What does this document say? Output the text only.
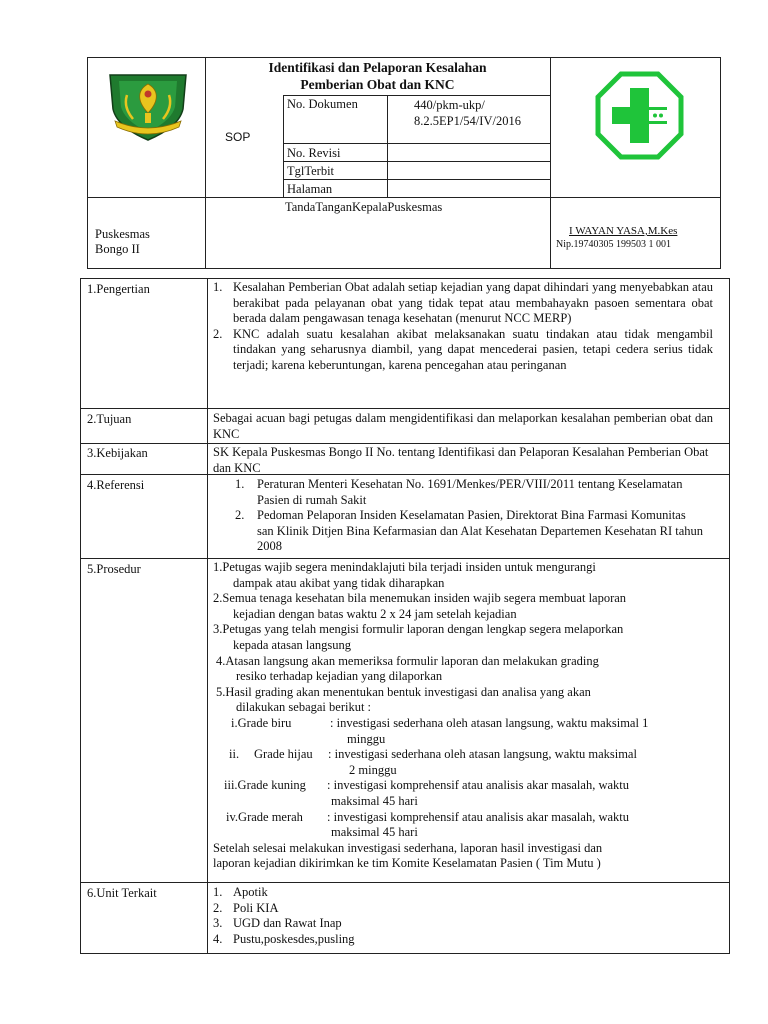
Identifikasi dan Pelaporan Kesalahan
Pemberian Obat dan KNC
SOP
No. Dokumen	440/pkm-ukp/
8.2.5EP1/54/IV/2016
No. Revisi
TglTerbit
Halaman
Puskesmas
Bongo II
TandaTanganKepalaPuskesmas
I WAYAN YASA,M.Kes
Nip.19740305 199503 1 001
1.Pengertian	1. Kesalahan Pemberian Obat adalah setiap kejadian yang dapat dihindari yang menyebabkan atau berakibat pada pelayanan obat yang tidak tepat atau membahayakn pasoen sementara obat berada dalam pengawasan tenaga kesehatan (menurut NCC MERP)
2. KNC adalah suatu kesalahan akibat melaksanakan suatu tindakan atau tidak mengambil tindakan yang seharusnya diambil, yang dapat mencederai pasien, tetapi cedera serius tidak terjadi; karena keberuntungan, karena pencegahan atau peringanan
2.Tujuan	Sebagai acuan bagi petugas dalam mengidentifikasi dan melaporkan kesalahan pemberian obat dan KNC
3.Kebijakan	SK Kepala Puskesmas Bongo II No. tentang Identifikasi dan Pelaporan Kesalahan Pemberian Obat dan KNC
4.Referensi	1. Peraturan Menteri Kesehatan No. 1691/Menkes/PER/VIII/2011 tentang Keselamatan Pasien di rumah Sakit
2. Pedoman Pelaporan Insiden Keselamatan Pasien, Direktorat Bina Farmasi Komunitas san Klinik Ditjen Bina Kefarmasian dan Alat Kesehatan Departemen Kesehatan RI tahun 2008
5.Prosedur	1.Petugas wajib segera menindaklajuti bila terjadi insiden untuk mengurangi
dampak atau akibat yang tidak diharapkan
2.Semua tenaga kesehatan bila menemukan insiden wajib segera membuat laporan
kejadian dengan batas waktu 2 x 24 jam setelah kejadian
3.Petugas yang telah mengisi formulir laporan dengan lengkap segera melaporkan
kepada atasan langsung
4.Atasan langsung akan memeriksa formulir laporan dan melakukan grading
resiko terhadap kejadian yang dilaporkan
5.Hasil grading akan menentukan bentuk investigasi dan analisa yang akan
dilakukan sebagai berikut :
i.Grade biru	: investigasi sederhana oleh atasan langsung, waktu maksimal 1
minggu
ii. Grade hijau : investigasi sederhana oleh atasan langsung, waktu maksimal
2 minggu
iii.Grade kuning : investigasi komprehensif atau analisis akar masalah, waktu
maksimal 45 hari
iv.Grade merah : investigasi komprehensif atau analisis akar masalah, waktu
maksimal 45 hari
Setelah selesai melakukan investigasi sederhana, laporan hasil investigasi dan
laporan kejadian dikirimkan ke tim Komite Keselamatan Pasien ( Tim Mutu )
6.Unit Terkait	1. Apotik
2. Poli KIA
3. UGD dan Rawat Inap
4. Pustu,poskesdes,pusling
